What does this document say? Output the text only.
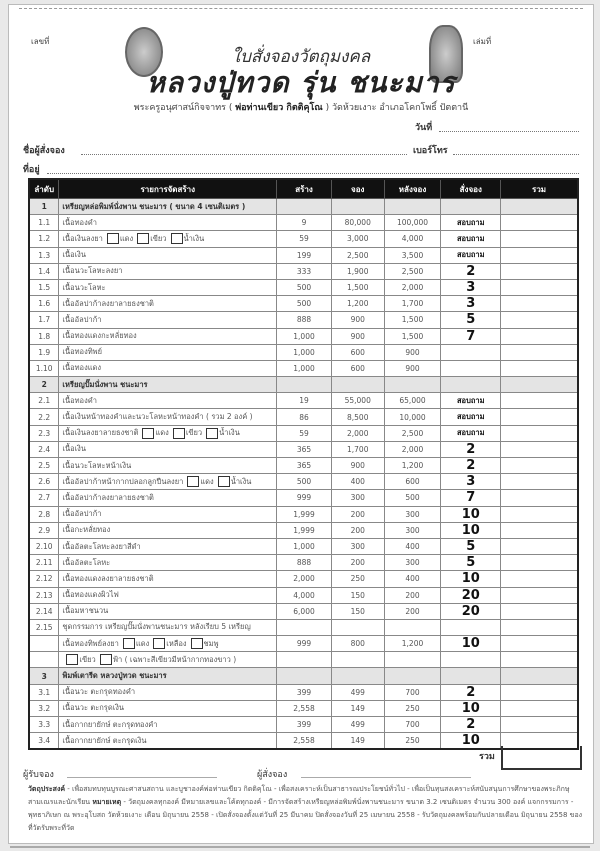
เลขที่	เล่มที่
ใบสั่งจองวัตถุมงคล
หลวงปู่ทวด รุ่น ชนะมาร
พระครูอนุศาสน์กิจจาทร ( พ่อท่านเขียว กิตติคุโณ ) วัดห้วยเงาะ อำเภอโคกโพธิ์ ปัตตานี
วันที่
ชื่อผู้สั่งจอง	เบอร์โทร
ที่อยู่
ลำดับ	รายการจัดสร้าง	สร้าง	จอง	หลังจอง	สั่งจอง	รวม
1	เหรียญหล่อพิมพ์นั่งพาน ชนะมาร ( ขนาด 4 เซนติเมตร )					
1.1	เนื้อทองคำ	9	80,000	100,000	สอบถาม	
1.2	เนื้อเงินลงยา แดง เขียว น้ำเงิน	59	3,000	4,000	สอบถาม	
1.3	เนื้อเงิน	199	2,500	3,500	สอบถาม	
1.4	เนื้อนวะโลหะลงยา	333	1,900	2,500	2	
1.5	เนื้อนวะโลหะ	500	1,500	2,000	3	
1.6	เนื้ออัลปาก้าลงยาลายธงชาติ	500	1,200	1,700	3	
1.7	เนื้ออัลปาก้า	888	900	1,500	5	
1.8	เนื้อทองแดงกะหลั่ยทอง	1,000	900	1,500	7	
1.9	เนื้อทองทิพย์	1,000	600	900		
1.10	เนื้อทองแดง	1,000	600	900		
2	เหรียญปั๊มนั่งพาน ชนะมาร					
2.1	เนื้อทองคำ	19	55,000	65,000	สอบถาม	
2.2	เนื้อเงินหน้าทองคำและนวะโลหะหน้าทองคำ ( รวม 2 องค์ )	86	8,500	10,000	สอบถาม	
2.3	เนื้อเงินลงยาลายธงชาติ แดง เขียว น้ำเงิน	59	2,000	2,500	สอบถาม	
2.4	เนื้อเงิน	365	1,700	2,000	2	
2.5	เนื้อนวะโลหะหน้าเงิน	365	900	1,200	2	
2.6	เนื้ออัลปาก้าหน้ากากปลอกลูกปืนลงยา แดง น้ำเงิน	500	400	600	3	
2.7	เนื้ออัลปาก้าลงยาลายธงชาติ	999	300	500	7	
2.8	เนื้ออัลปาก้า	1,999	200	300	10	
2.9	เนื้อกะหลั่ยทอง	1,999	200	300	10	
2.10	เนื้ออัลตะโลหะลงยาสีดำ	1,000	300	400	5	
2.11	เนื้ออัลตะโลหะ	888	200	300	5	
2.12	เนื้อทองแดงลงยาลายธงชาติ	2,000	250	400	10	
2.13	เนื้อทองแดงผิวไฟ	4,000	150	200	20	
2.14	เนื้อมหาชนวน	6,000	150	200	20	
2.15	ชุดกรรมการ เหรียญปั๊มนั่งพานชนะมาร หลังเรียบ 5 เหรียญ					
	เนื้อทองทิพย์ลงยา แดง เหลือง ชมพู	999	800	1,200	10	
	เขียว ฟ้า ( เฉพาะสีเขียวมีหน้ากากทองขาว )					
3	พิมพ์เตารีด หลวงปู่ทวด ชนะมาร					
3.1	เนื้อนวะ ตะกรุดทองคำ	399	499	700	2	
3.2	เนื้อนวะ ตะกรุดเงิน	2,558	149	250	10	
3.3	เนื้อกากยายักษ์ ตะกรุดทองคำ	399	499	700	2	
3.4	เนื้อกากยายักษ์ ตะกรุดเงิน	2,558	149	250	10	
รวม
ผู้รับจอง	ผู้สั่งจอง
วัตถุประสงค์ - เพื่อสมทบทุนบูรณะศาสนสถาน และบูชาองค์พ่อท่านเขียว กิตติคุโณ - เพื่อสงเคราะห์เป็นสาธารณประโยชน์ทั่วไป - เพื่อเป็นทุนสงเคราะห์สนับสนุนการศึกษาของพระภิกษุสามเณรและนักเรียน หมายเหตุ - วัตถุมงคลทุกองค์ มีหมายเลขและโค้ดทุกองค์ - มีการจัดสร้างเหรียญหล่อพิมพ์นั่งพานชนะมาร ขนาด 3.2 เซนติเมตร จำนวน 300 องค์ แจกกรรมการ - พุทธาภิเษก ณ พระอุโบสถ วัดห้วยเงาะ เดือน มิถุนายน 2558 - เปิดสั่งจองตั้งแต่วันที่ 25 มีนาคม ปิดสั่งจองวันที่ 25 เมษายน 2558 - รับวัตถุมงคลพร้อมกันปลายเดือน มิถุนายน 2558 ของที่วัดรับพระที่วัด
